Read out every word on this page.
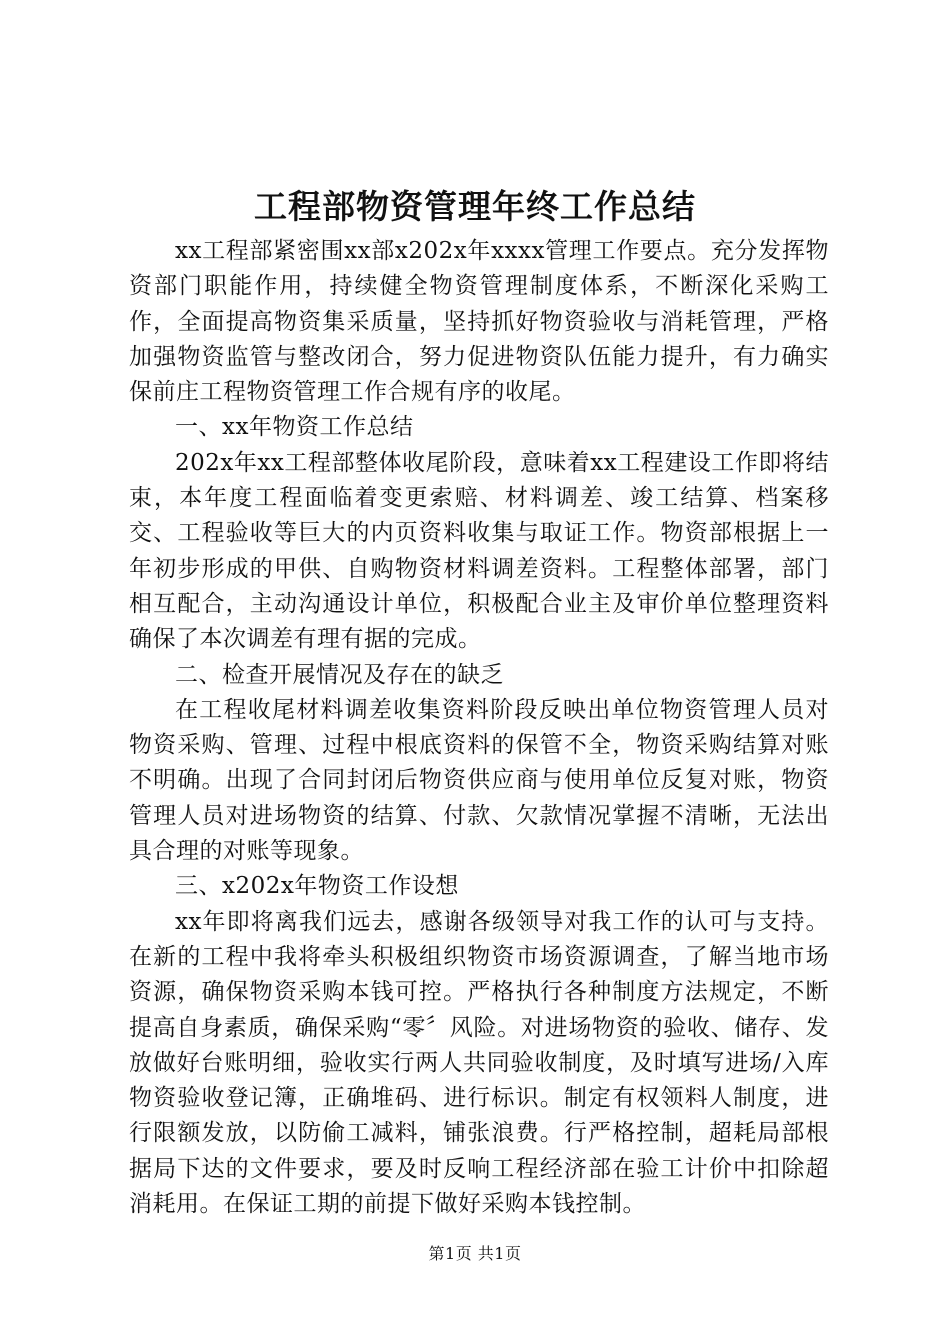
工程部物资管理年终工作总结

xx工程部紧密围xx部x202x年xxxx管理工作要点。充分发挥物资部门职能作用，持续健全物资管理制度体系，不断深化采购工作，全面提高物资集采质量，坚持抓好物资验收与消耗管理，严格加强物资监管与整改闭合，努力促进物资队伍能力提升，有力确实保前庄工程物资管理工作合规有序的收尾。

一、xx年物资工作总结

202x年xx工程部整体收尾阶段，意味着xx工程建设工作即将结束，本年度工程面临着变更索赔、材料调差、竣工结算、档案移交、工程验收等巨大的内页资料收集与取证工作。物资部根据上一年初步形成的甲供、自购物资材料调差资料。工程整体部署，部门相互配合，主动沟通设计单位，积极配合业主及审价单位整理资料确保了本次调差有理有据的完成。

二、检查开展情况及存在的缺乏

在工程收尾材料调差收集资料阶段反映出单位物资管理人员对物资采购、管理、过程中根底资料的保管不全，物资采购结算对账不明确。出现了合同封闭后物资供应商与使用单位反复对账，物资管理人员对进场物资的结算、付款、欠款情况掌握不清晰，无法出具合理的对账等现象。

三、x202x年物资工作设想

xx年即将离我们远去，感谢各级领导对我工作的认可与支持。在新的工程中我将牵头积极组织物资市场资源调查，了解当地市场资源，确保物资采购本钱可控。严格执行各种制度方法规定，不断提高自身素质，确保采购“零〞风险。对进场物资的验收、储存、发放做好台账明细，验收实行两人共同验收制度，及时填写进场/入库物资验收登记簿，正确堆码、进行标识。制定有权领料人制度，进行限额发放，以防偷工减料，铺张浪费。行严格控制，超耗局部根据局下达的文件要求，要及时反响工程经济部在验工计价中扣除超消耗用。在保证工期的前提下做好采购本钱控制。

第1页 共1页
